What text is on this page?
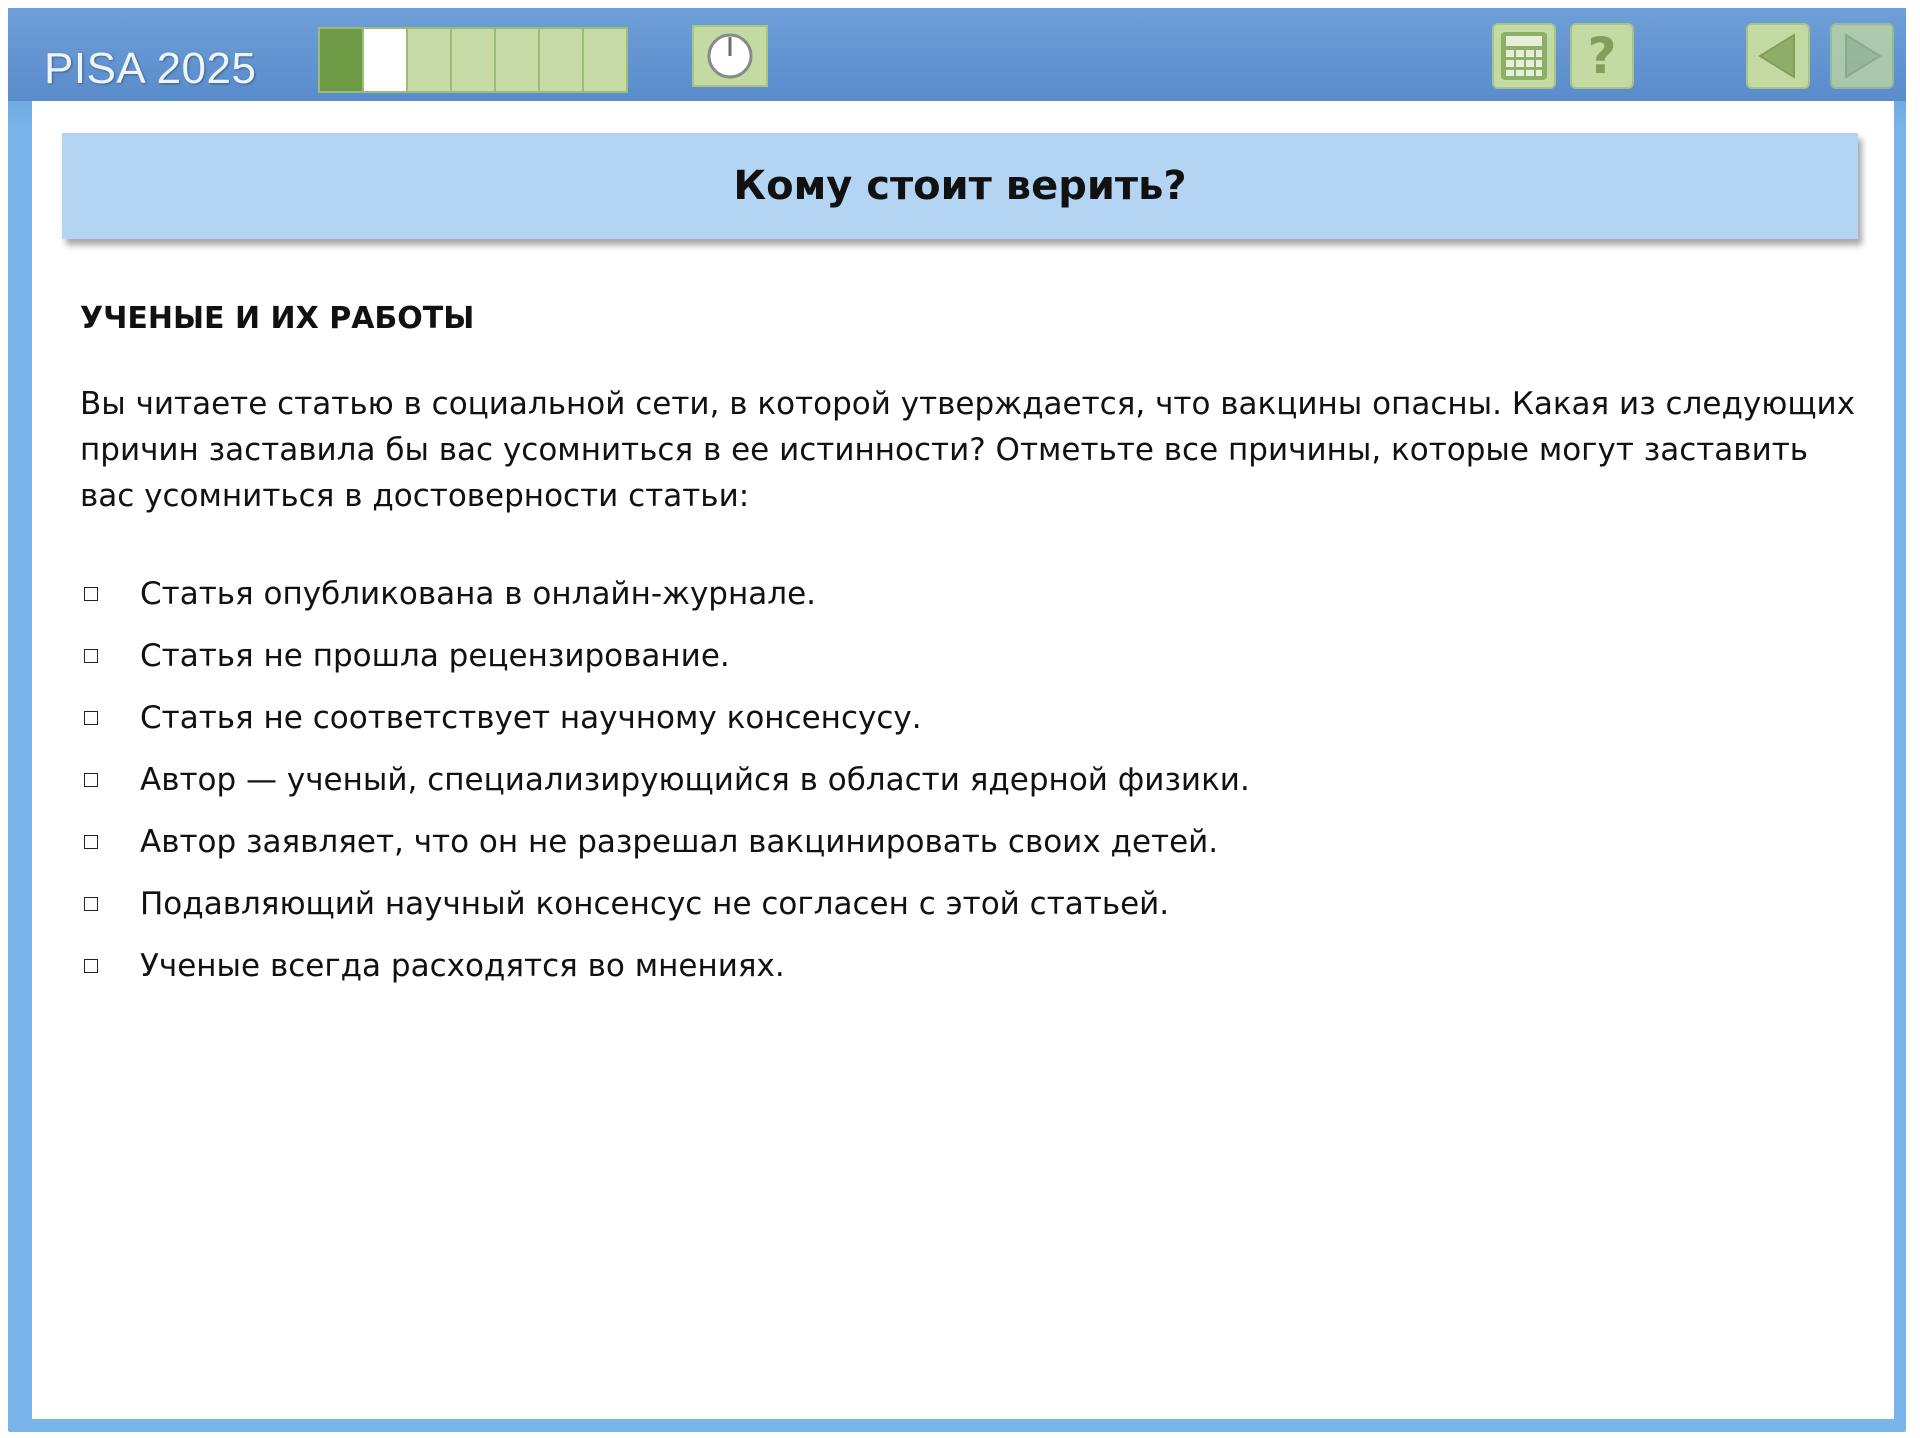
PISA 2025	?
Кому стоит верить?
УЧЕНЫЕ И ИХ РАБОТЫ
Вы читаете статью в социальной сети, в которой утверждается, что вакцины опасны. Какая из следующих причин заставила бы вас усомниться в ее истинности? Отметьте все причины, которые могут заставить вас усомниться в достоверности статьи:
Статья опубликована в онлайн-журнале.
Статья не прошла рецензирование.
Статья не соответствует научному консенсусу.
Автор — ученый, специализирующийся в области ядерной физики.
Автор заявляет, что он не разрешал вакцинировать своих детей.
Подавляющий научный консенсус не согласен с этой статьей.
Ученые всегда расходятся во мнениях.
